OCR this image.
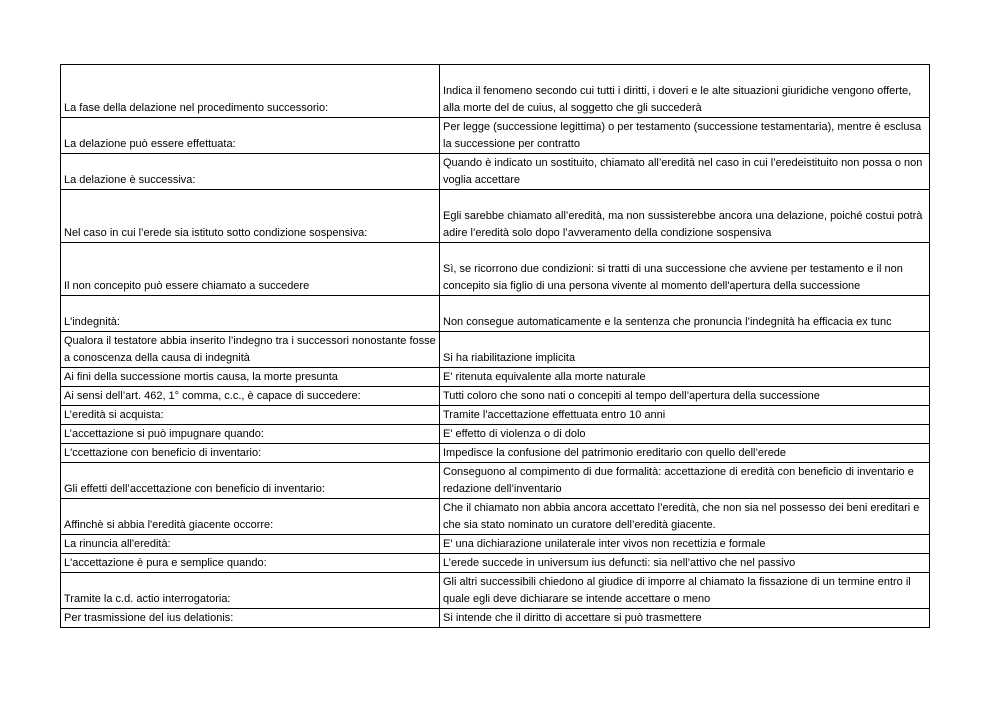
La fase della delazione nel procedimento successorio:	Indica il fenomeno secondo cui tutti i diritti, i doveri e le alte situazioni giuridiche vengono offerte, alla morte del de cuius, al soggetto che gli succederà
La delazione può essere effettuata:	Per legge (successione legittima) o per testamento (successione testamentaria), mentre è esclusa la successione per contratto
La delazione è successiva:	Quando è indicato un sostituito, chiamato all’eredità nel caso in cui l’eredeistituito non possa o non voglia accettare
Nel caso in cui l’erede sia istituto sotto condizione sospensiva:	Egli sarebbe chiamato all’eredità, ma non sussisterebbe ancora una delazione, poiché costui potrà adire l’eredità solo dopo l’avveramento della condizione sospensiva
Il non concepito può essere chiamato a succedere	Sì, se ricorrono due condizioni: si tratti di una successione che avviene per testamento e il non concepito sia figlio di una persona vivente al momento dell'apertura della successione
L'indegnità:	Non consegue automaticamente e la sentenza che pronuncia l’indegnità ha efficacia ex tunc
Qualora il testatore abbia inserito l’indegno tra i successori nonostante fosse a conoscenza della causa di indegnità	Si ha riabilitazione implicita
Ai fini della successione mortis causa, la morte presunta	E' ritenuta equivalente alla morte naturale
Ai sensi dell’art. 462, 1° comma, c.c., è capace di succedere:	Tutti coloro che sono nati o concepiti al tempo dell’apertura della successione
L’eredità si acquista:	Tramite l'accettazione effettuata entro 10 anni
L’accettazione si può impugnare quando:	E' effetto di violenza o di dolo
L'ccettazione con beneficio di inventario:	Impedisce la confusione del patrimonio ereditario con quello dell’erede
Gli effetti dell’accettazione con beneficio di inventario:	Conseguono al compimento di due formalità: accettazione di eredità con beneficio di inventario e redazione dell’inventario
Affinchè si abbia l'eredità giacente occorre:	Che il chiamato non abbia ancora accettato l’eredità, che non sia nel possesso dei beni ereditari e che sia stato nominato un curatore dell’eredità giacente.
La rinuncia all'eredità:	E' una dichiarazione unilaterale inter vivos non recettizia e formale
L'accettazione è pura e semplice quando:	L’erede succede in universum ius defuncti: sia nell’attivo che nel passivo
Tramite la c.d. actio interrogatoria:	Gli altri successibili chiedono al giudice di imporre al chiamato la fissazione di un termine entro il quale egli deve dichiarare se intende accettare o meno
Per trasmissione del ius delationis:	Si intende che il diritto di accettare si può trasmettere
